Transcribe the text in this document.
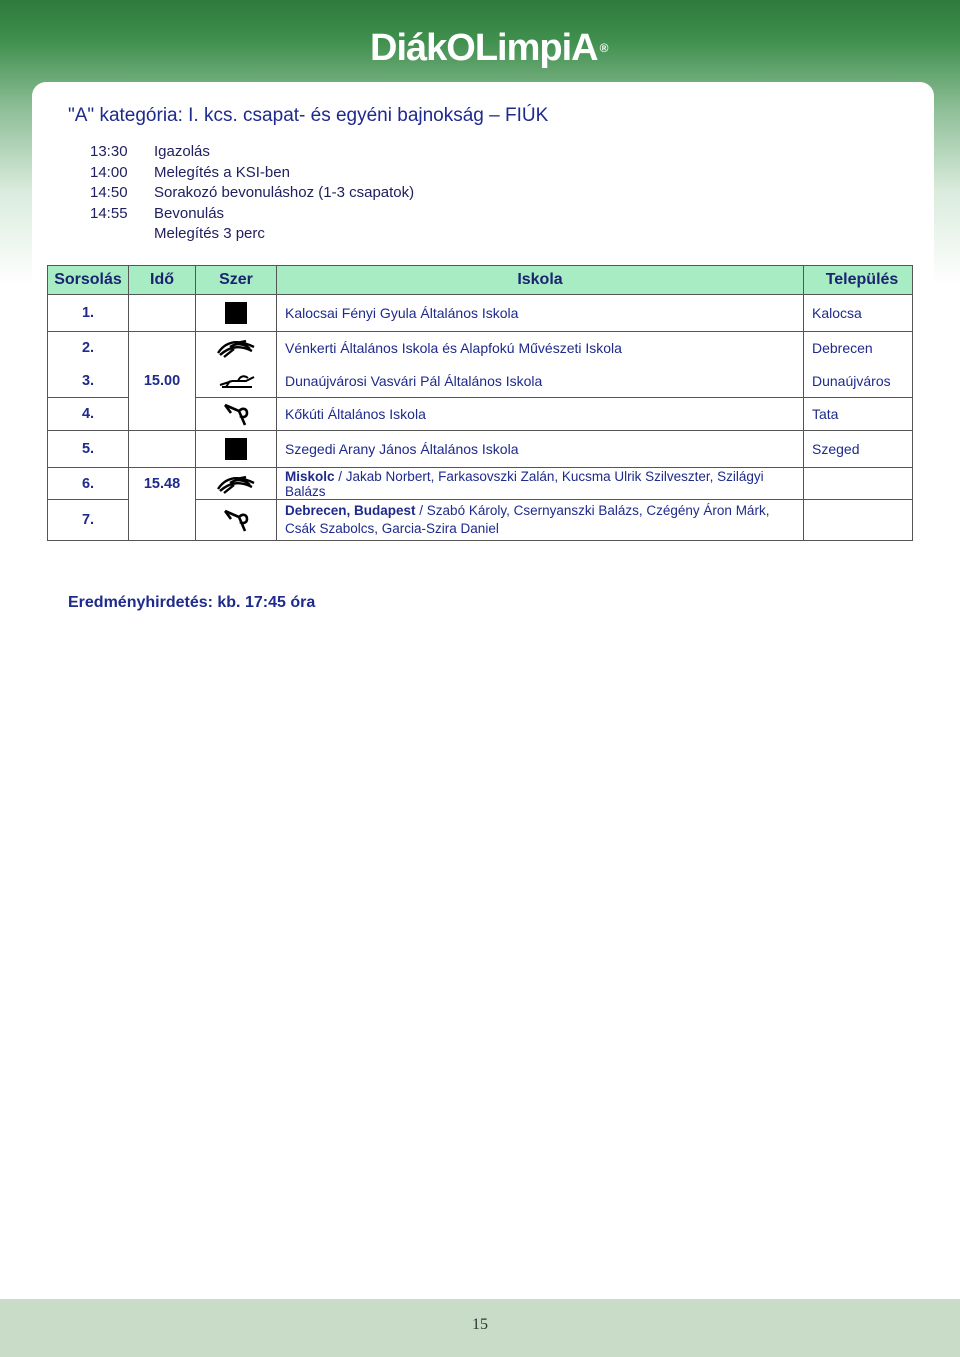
DiákOLimpiA ®
"A" kategória: I. kcs. csapat- és egyéni bajnokság – FIÚK
13:30 Igazolás
14:00 Melegítés a KSI-ben
14:50 Sorakozó bevonuláshoz (1-3 csapatok)
14:55 Bevonulás
Melegítés 3 perc
Sorsolás	Idő	Szer	Iskola	Település
1.			Kalocsai Fényi Gyula Általános Iskola	Kalocsa
2.	15.00		Vénkerti Általános Iskola és Alapfokú Művészeti Iskola	Debrecen
3.			Dunaújvárosi Vasvári Pál Általános Iskola	Dunaújváros
4.			Kőkúti Általános Iskola	Tata
5.			Szegedi Arany János Általános Iskola	Szeged
6.	15.48		Miskolc / Jakab Norbert, Farkasovszki Zalán, Kucsma Ulrik Szilveszter, Szilágyi Balázs	
7.			Debrecen, Budapest / Szabó Károly, Csernyanszki Balázs, Czégény Áron Márk, Csák Szabolcs, Garcia-Szira Daniel	
Eredményhirdetés: kb. 17:45 óra
15
